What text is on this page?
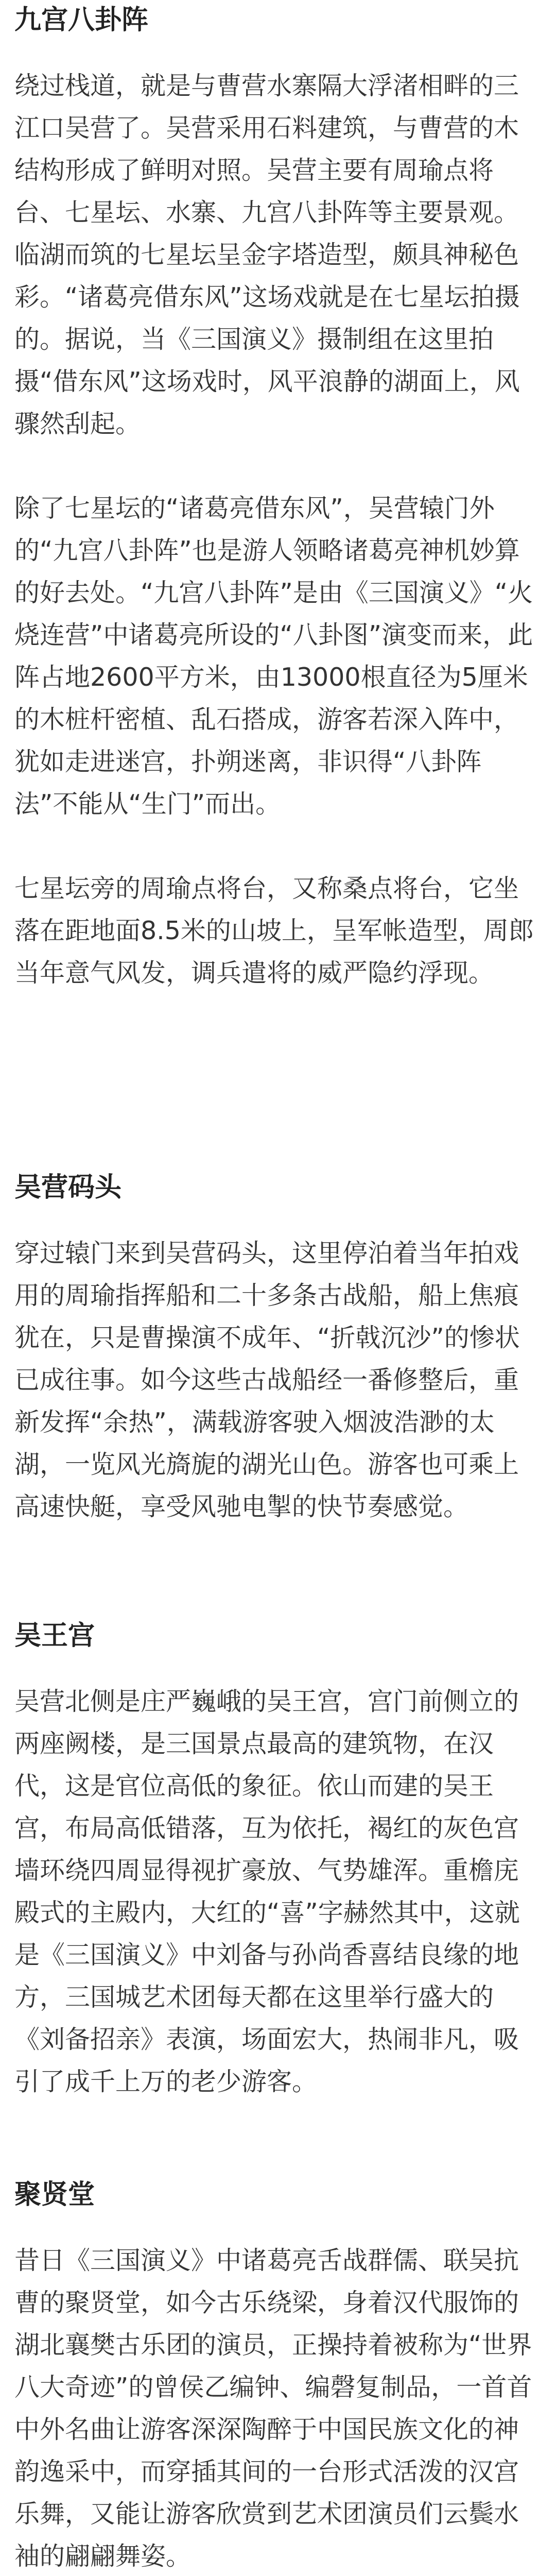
九宫八卦阵

绕过栈道，就是与曹营水寨隔大浮渚相畔的三江口吴营了。吴营采用石料建筑，与曹营的木结构形成了鲜明对照。吴营主要有周瑜点将台、七星坛、水寨、九宫八卦阵等主要景观。临湖而筑的七星坛呈金字塔造型，颇具神秘色彩。“诸葛亮借东风”这场戏就是在七星坛拍摄的。据说，当《三国演义》摄制组在这里拍摄“借东风”这场戏时，风平浪静的湖面上，风骤然刮起。

除了七星坛的“诸葛亮借东风”，吴营辕门外的“九宫八卦阵”也是游人领略诸葛亮神机妙算的好去处。“九宫八卦阵”是由《三国演义》“火烧连营”中诸葛亮所设的“八卦图”演变而来，此阵占地2600平方米，由13000根直径为5厘米的木桩杆密植、乱石搭成，游客若深入阵中，犹如走进迷宫，扑朔迷离，非识得“八卦阵法”不能从“生门”而出。

七星坛旁的周瑜点将台，又称桑点将台，它坐落在距地面8.5米的山坡上，呈军帐造型，周郎当年意气风发，调兵遣将的威严隐约浮现。

吴营码头

穿过辕门来到吴营码头，这里停泊着当年拍戏用的周瑜指挥船和二十多条古战船，船上焦痕犹在，只是曹操演不成年、“折戟沉沙”的惨状已成往事。如今这些古战船经一番修整后，重新发挥“余热”，满载游客驶入烟波浩渺的太湖，一览风光旖旎的湖光山色。游客也可乘上高速快艇，享受风驰电掣的快节奏感觉。

吴王宫

吴营北侧是庄严巍峨的吴王宫，宫门前侧立的两座阙楼，是三国景点最高的建筑物，在汉代，这是官位高低的象征。依山而建的吴王宫，布局高低错落，互为依托，褐红的灰色宫墙环绕四周显得视扩豪放、气势雄浑。重檐庑殿式的主殿内，大红的“喜”字赫然其中，这就是《三国演义》中刘备与孙尚香喜结良缘的地方，三国城艺术团每天都在这里举行盛大的《刘备招亲》表演，场面宏大，热闹非凡，吸引了成千上万的老少游客。

聚贤堂

昔日《三国演义》中诸葛亮舌战群儒、联吴抗曹的聚贤堂，如今古乐绕梁，身着汉代服饰的湖北襄樊古乐团的演员，正操持着被称为“世界八大奇迹”的曾侯乙编钟、编磬复制品，一首首中外名曲让游客深深陶醉于中国民族文化的神韵逸采中，而穿插其间的一台形式活泼的汉宫乐舞，又能让游客欣赏到艺术团演员们云鬓水袖的翩翩舞姿。
